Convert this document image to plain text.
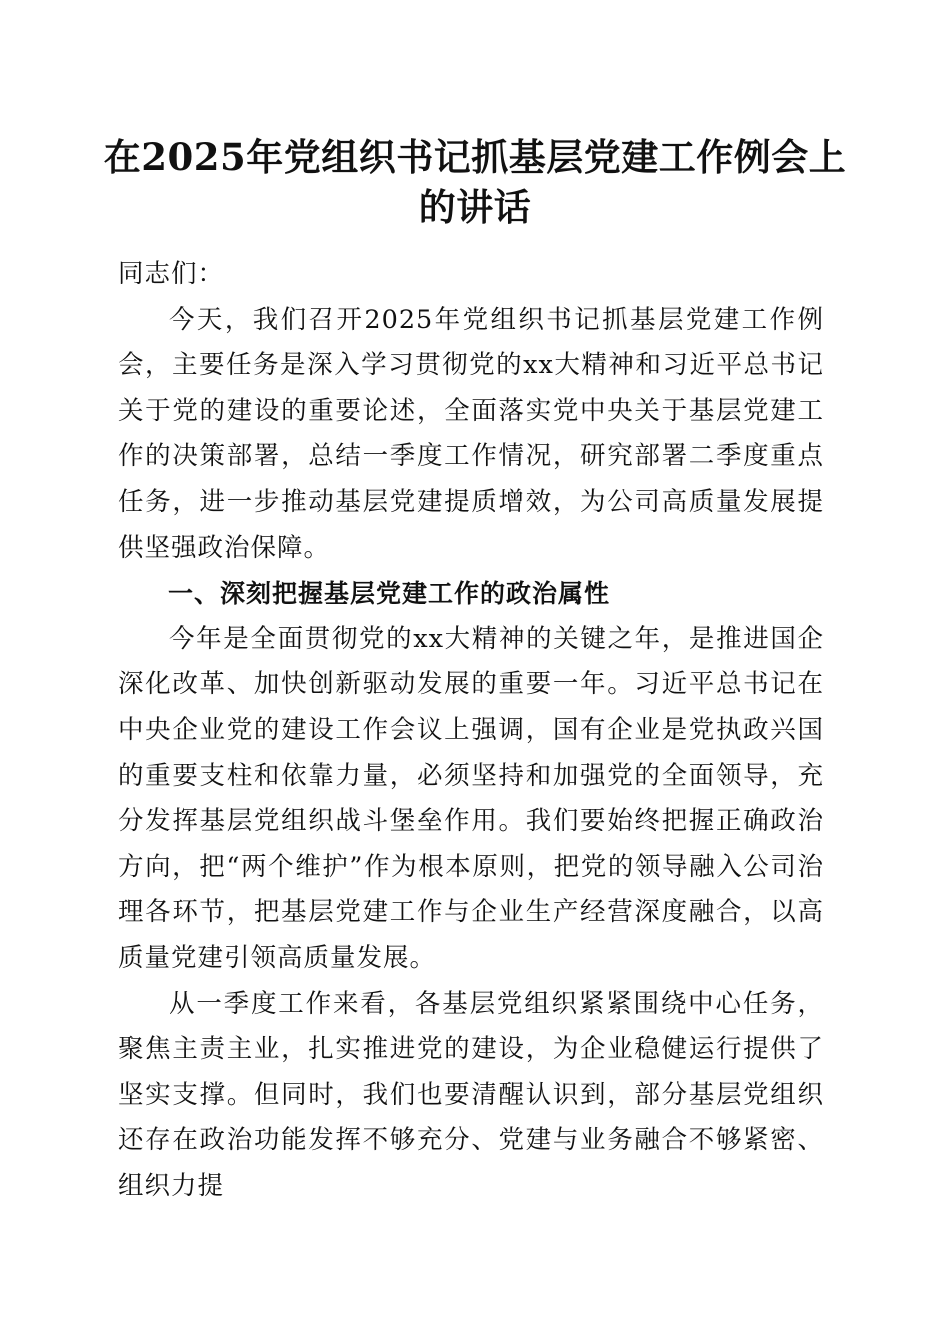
在2025年党组织书记抓基层党建工作例会上
的讲话

同志们：

今天，我们召开2025年党组织书记抓基层党建工作例会，主要任务是深入学习贯彻党的xx大精神和习近平总书记关于党的建设的重要论述，全面落实党中央关于基层党建工作的决策部署，总结一季度工作情况，研究部署二季度重点任务，进一步推动基层党建提质增效，为公司高质量发展提供坚强政治保障。

一、深刻把握基层党建工作的政治属性

今年是全面贯彻党的xx大精神的关键之年，是推进国企深化改革、加快创新驱动发展的重要一年。习近平总书记在中央企业党的建设工作会议上强调，国有企业是党执政兴国的重要支柱和依靠力量，必须坚持和加强党的全面领导，充分发挥基层党组织战斗堡垒作用。我们要始终把握正确政治方向，把“两个维护”作为根本原则，把党的领导融入公司治理各环节，把基层党建工作与企业生产经营深度融合，以高质量党建引领高质量发展。

从一季度工作来看，各基层党组织紧紧围绕中心任务，聚焦主责主业，扎实推进党的建设，为企业稳健运行提供了坚实支撑。但同时，我们也要清醒认识到，部分基层党组织还存在政治功能发挥不够充分、党建与业务融合不够紧密、组织力提
